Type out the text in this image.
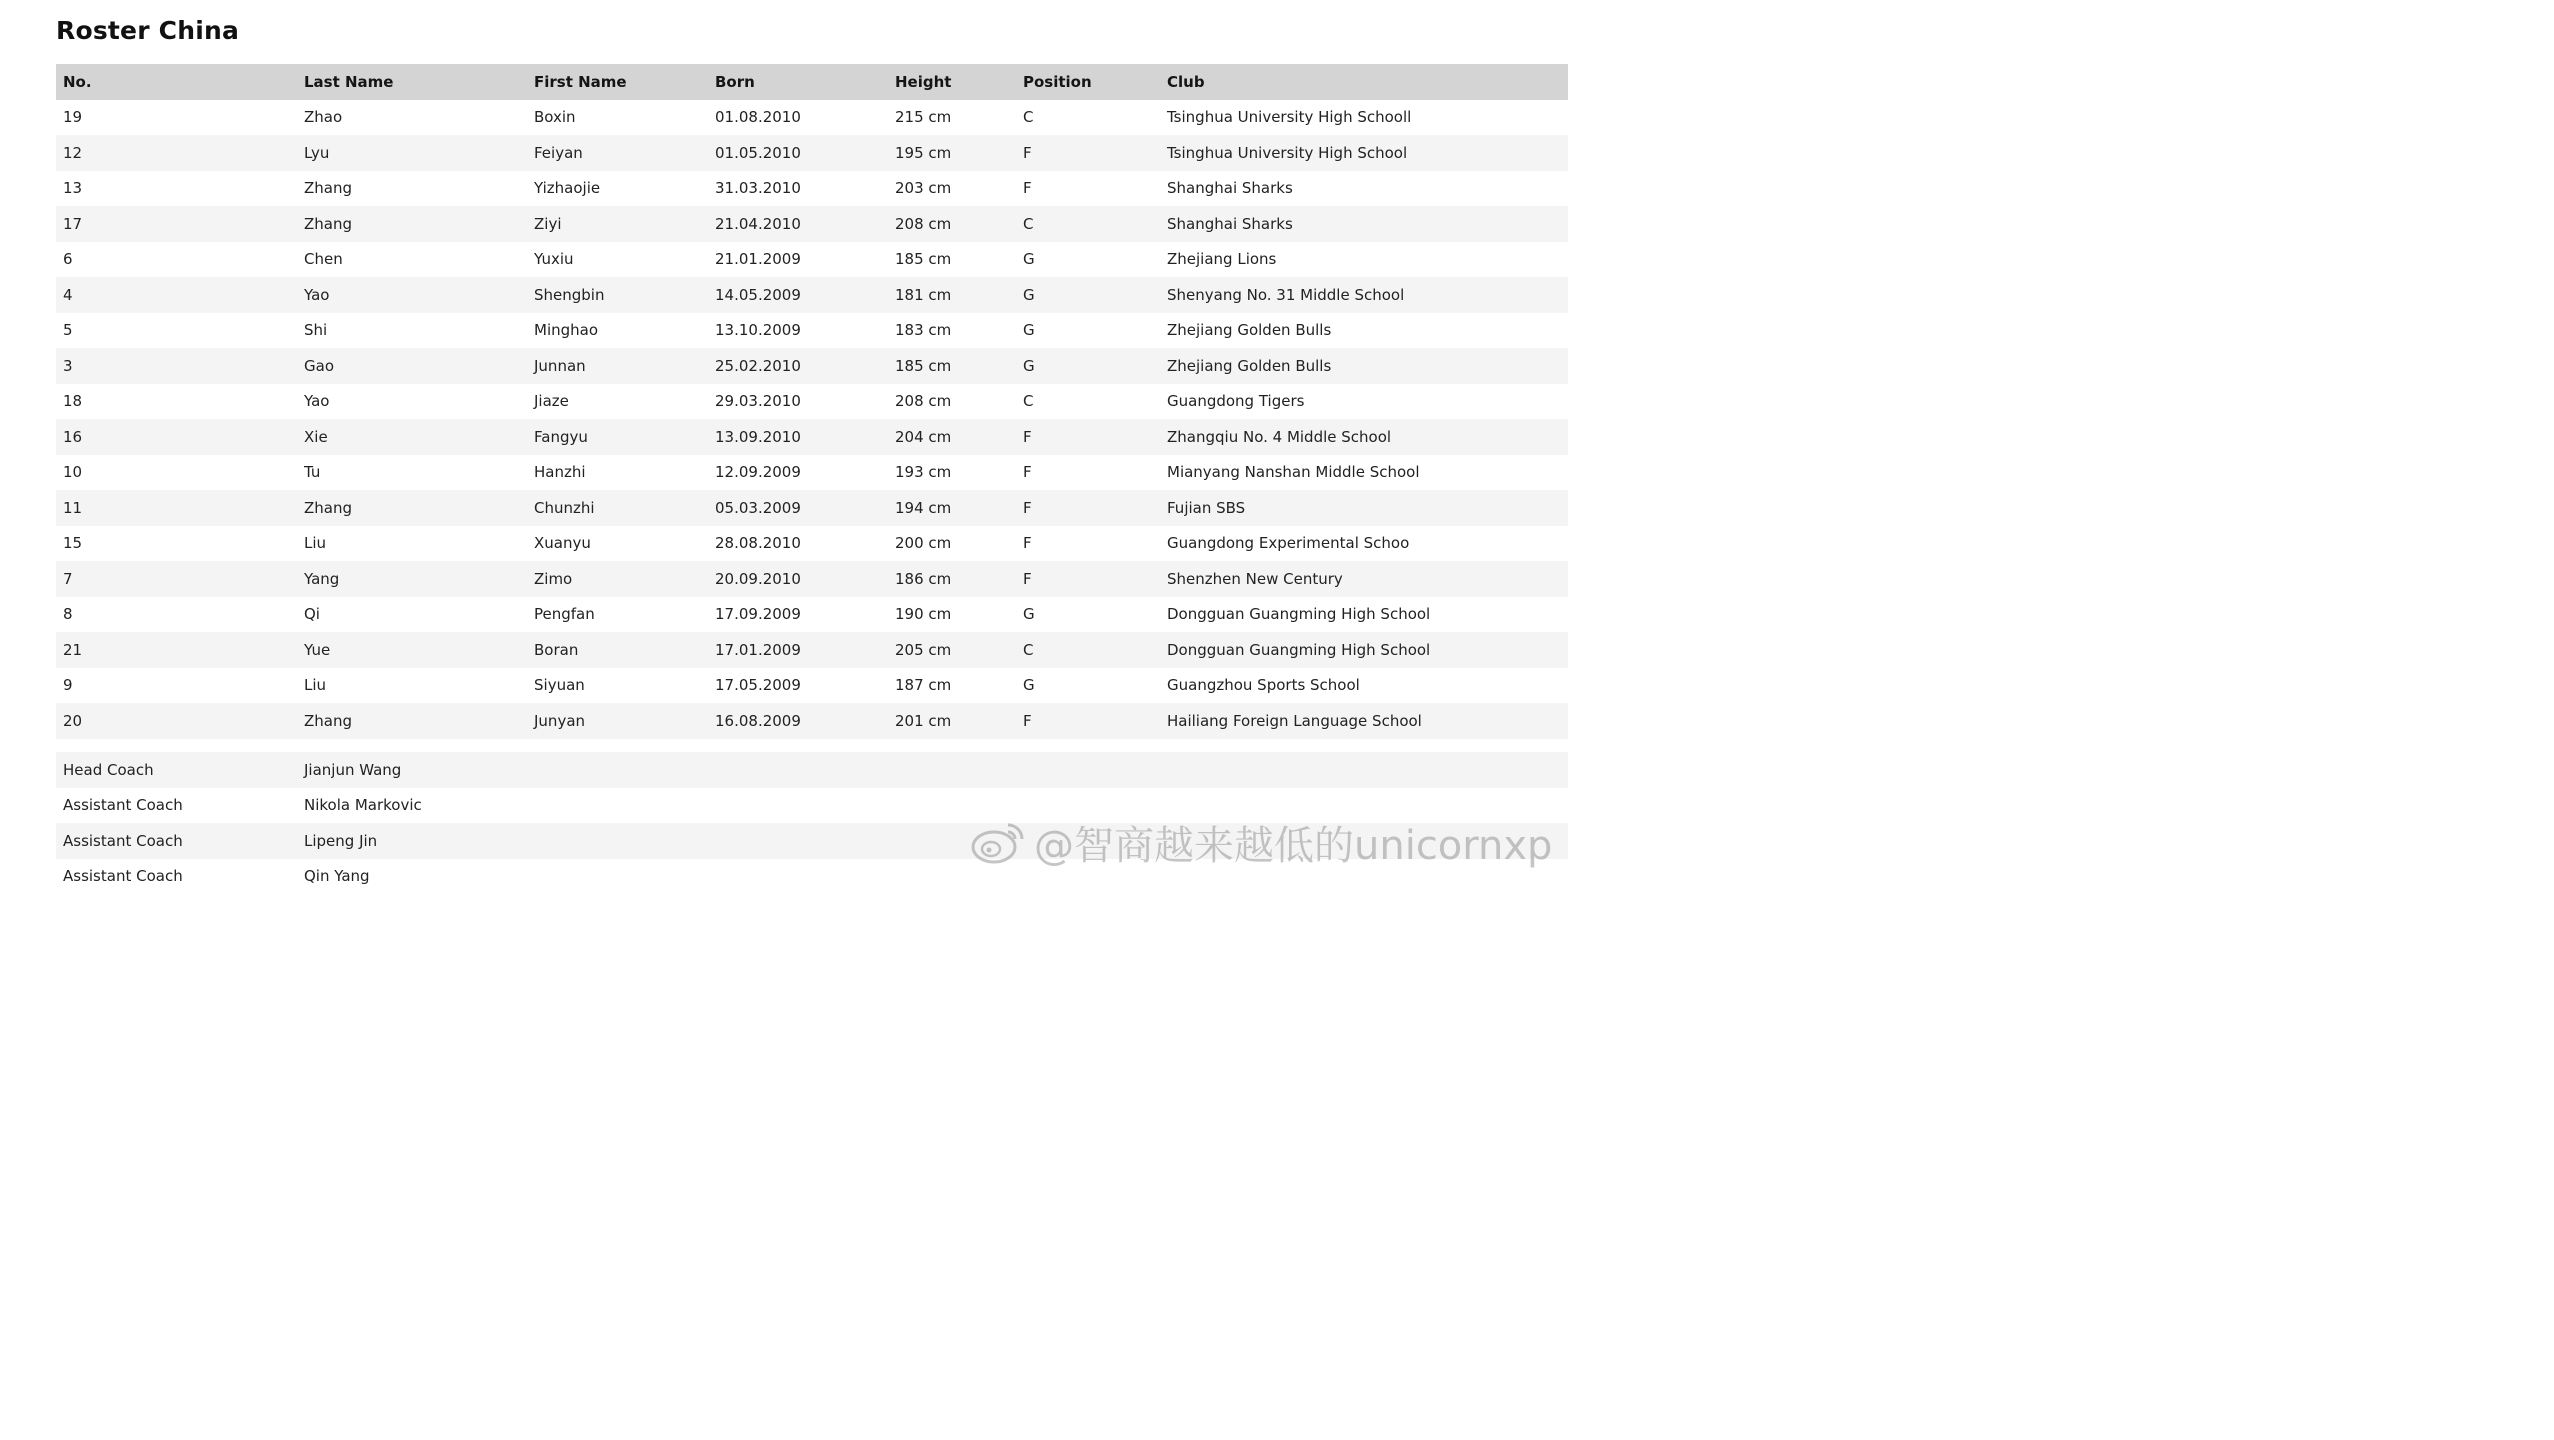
Roster China
No.	Last Name	First Name	Born	Height	Position	Club
19	Zhao	Boxin	01.08.2010	215 cm	C	Tsinghua University High Schooll
12	Lyu	Feiyan	01.05.2010	195 cm	F	Tsinghua University High School
13	Zhang	Yizhaojie	31.03.2010	203 cm	F	Shanghai Sharks
17	Zhang	Ziyi	21.04.2010	208 cm	C	Shanghai Sharks
6	Chen	Yuxiu	21.01.2009	185 cm	G	Zhejiang Lions
4	Yao	Shengbin	14.05.2009	181 cm	G	Shenyang No. 31 Middle School
5	Shi	Minghao	13.10.2009	183 cm	G	Zhejiang Golden Bulls
3	Gao	Junnan	25.02.2010	185 cm	G	Zhejiang Golden Bulls
18	Yao	Jiaze	29.03.2010	208 cm	C	Guangdong Tigers
16	Xie	Fangyu	13.09.2010	204 cm	F	Zhangqiu No. 4 Middle School
10	Tu	Hanzhi	12.09.2009	193 cm	F	Mianyang Nanshan Middle School
11	Zhang	Chunzhi	05.03.2009	194 cm	F	Fujian SBS
15	Liu	Xuanyu	28.08.2010	200 cm	F	Guangdong Experimental Schoo
7	Yang	Zimo	20.09.2010	186 cm	F	Shenzhen New Century
8	Qi	Pengfan	17.09.2009	190 cm	G	Dongguan Guangming High School
21	Yue	Boran	17.01.2009	205 cm	C	Dongguan Guangming High School
9	Liu	Siyuan	17.05.2009	187 cm	G	Guangzhou Sports School
20	Zhang	Junyan	16.08.2009	201 cm	F	Hailiang Foreign Language School
Head Coach	Jianjun Wang
Assistant Coach	Nikola Markovic
Assistant Coach	Lipeng Jin
Assistant Coach	Qin Yang
@智商越来越低的unicornxp
